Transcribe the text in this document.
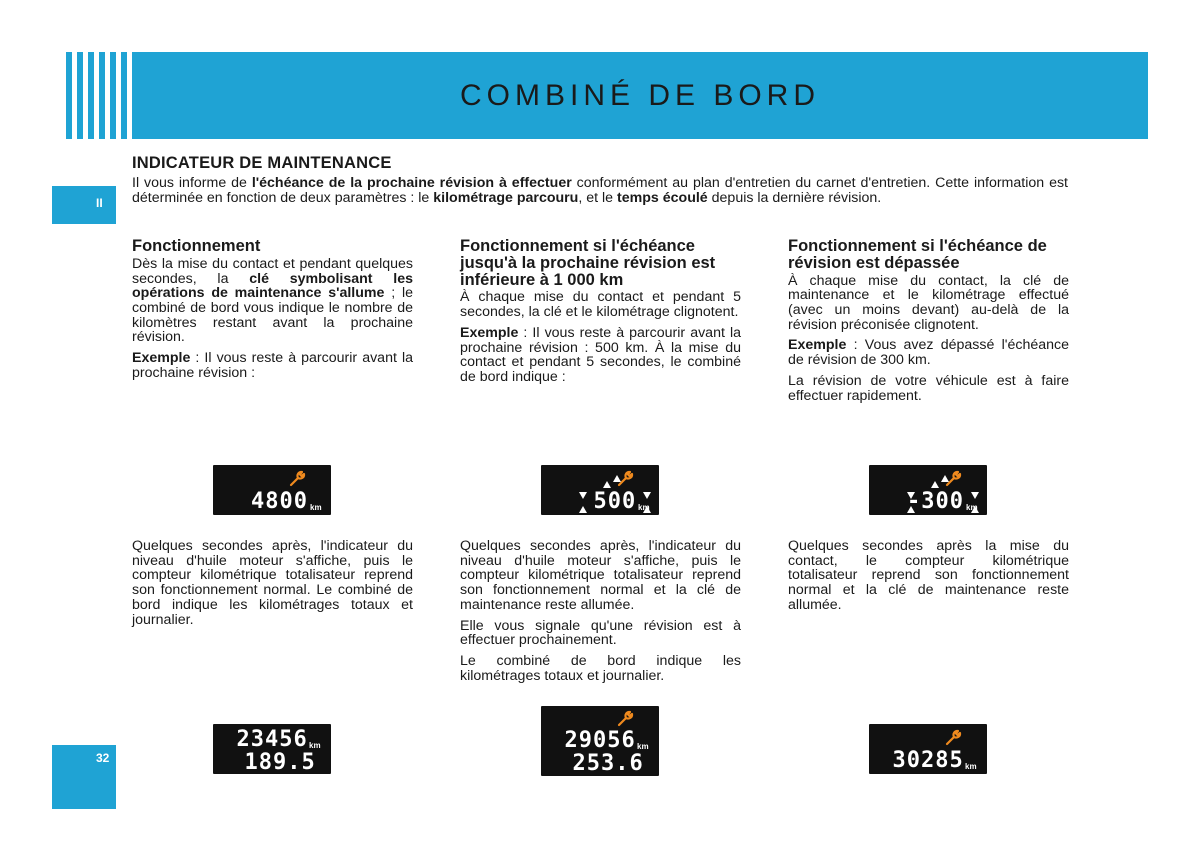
COMBINÉ DE BORD
II
32
INDICATEUR DE MAINTENANCE
Il vous informe de l'échéance de la prochaine révision à effectuer conformément au plan d'entretien du carnet d'entretien. Cette information est déterminée en fonction de deux paramètres : le kilométrage parcouru, et le temps écoulé depuis la dernière révision.
Fonctionnement

Dès la mise du contact et pendant quelques secondes, la clé symbolisant les opérations de maintenance s'allume ; le combiné de bord vous indique le nombre de kilomètres restant avant la prochaine révision.

Exemple : Il vous reste à parcourir avant la prochaine révision :

Fonctionnement si l'échéance jusqu'à la prochaine révision est inférieure à 1 000 km

À chaque mise du contact et pendant 5 secondes, la clé et le kilométrage clignotent.

Exemple : Il vous reste à parcourir avant la prochaine révision : 500 km. À la mise du contact et pendant 5 secondes, le combiné de bord indique :

Fonctionnement si l'échéance de révision est dépassée

À chaque mise du contact, la clé de maintenance et le kilométrage effectué (avec un moins devant) au-delà de la révision préconisée clignotent.

Exemple : Vous avez dépassé l'échéance de révision de 300 km.

La révision de votre véhicule est à faire effectuer rapidement.

4800 km	500 km	-300 km

Quelques secondes après, l'indicateur du niveau d'huile moteur s'affiche, puis le compteur kilométrique totalisateur reprend son fonctionnement normal. Le combiné de bord indique les kilométrages totaux et journalier.

Quelques secondes après, l'indicateur du niveau d'huile moteur s'affiche, puis le compteur kilométrique totalisateur reprend son fonctionnement normal et la clé de maintenance reste allumée.

Elle vous signale qu'une révision est à effectuer prochainement.

Le combiné de bord indique les kilométrages totaux et journalier.

Quelques secondes après la mise du contact, le compteur kilométrique totalisateur reprend son fonctionnement normal et la clé de maintenance reste allumée.

23456 km
189.5
29056 km
253.6	30285 km
